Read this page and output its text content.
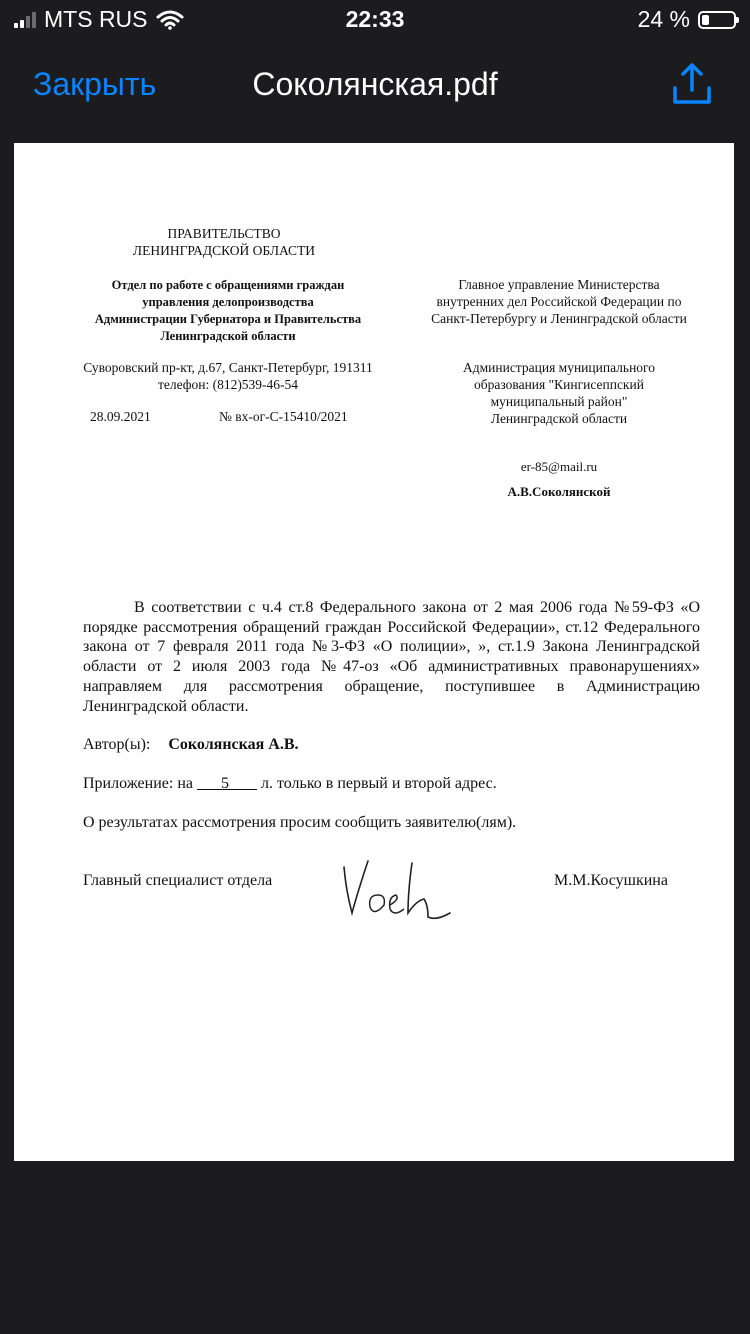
MTS RUS	22:33	24 %
Закрыть	Соколянская.pdf
ПРАВИТЕЛЬСТВО
ЛЕНИНГРАДСКОЙ ОБЛАСТИ
Отдел по работе с обращениями граждан
управления делопроизводства
Администрации Губернатора и Правительства
Ленинградской области
Суворовский пр-кт, д.67, Санкт-Петербург, 191311
телефон: (812)539-46-54
28.09.2021	№ вх-ог-С-15410/2021
Главное управление Министерства
внутренних дел Российской Федерации по
Санкт-Петербургу и Ленинградской области
Администрация муниципального
образования "Кингисеппский
муниципальный район"
Ленинградской области
er-85@mail.ru
А.В.Соколянской
В соответствии с ч.4 ст.8 Федерального закона от 2 мая 2006 года №59-ФЗ «О порядке рассмотрения обращений граждан Российской Федерации», ст.12 Федерального закона от 7 февраля 2011 года №3-ФЗ «О полиции», », ст.1.9 Закона Ленинградской области от 2 июля 2003 года №47-оз «Об административных правонарушениях» направляем для рассмотрения обращение, поступившее в Администрацию Ленинградской области.
Автор(ы): Соколянская А.В.
Приложение: на 5 л. только в первый и второй адрес.
О результатах рассмотрения просим сообщить заявителю(лям).
Главный специалист отдела	М.М.Косушкина
